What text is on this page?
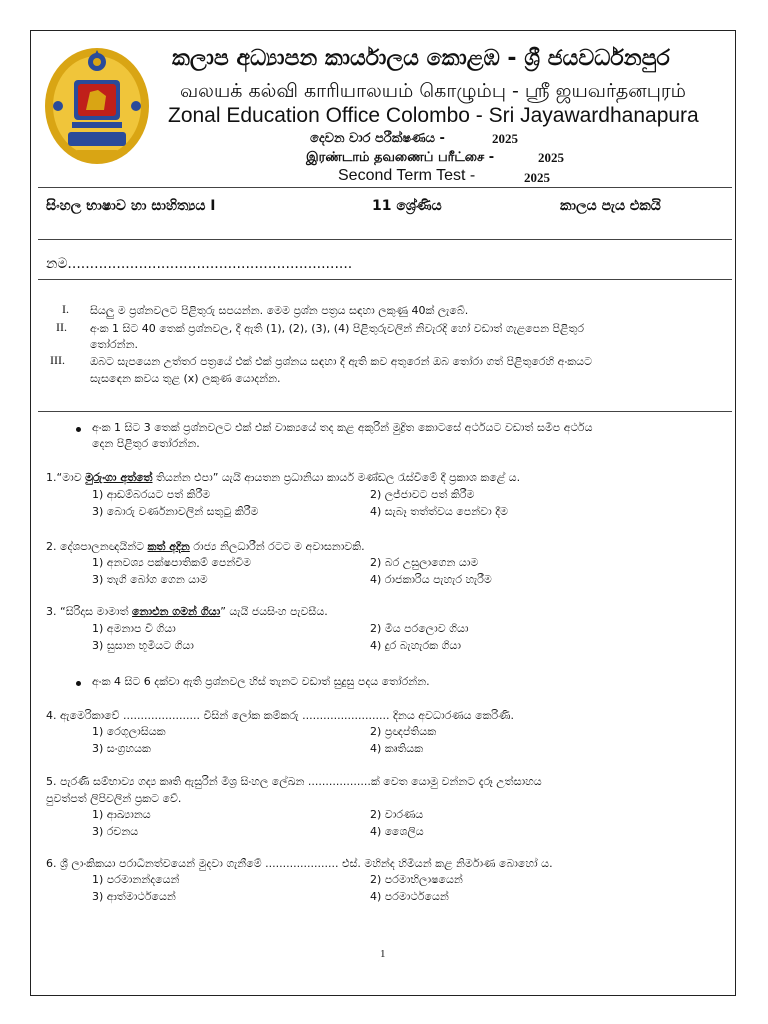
කලාප අධ්‍යාපන කාර්යාලය කොළඹ - ශ්‍රී ජයවර්ධනපුර
வலயக் கல்வி காரியாலயம் கொழும்பு - ஸ்ரீ ஜயவர்தனபுரம்
Zonal Education Office Colombo - Sri Jayawardhanapura
දෙවන වාර පරීක්ෂණය -	2025
இரண்டாம் தவணைப் பரீட்சை -	2025
Second Term Test -	2025
සිංහල භාෂාව හා සාහිත්‍යය I	11 ශ්‍රේණිය	කාලය පැය එකයි
නම................................................................
I. සියලු ම ප්‍රශ්නවලට පිළිතුරු සපයන්න. මෙම ප්‍රශ්න පත්‍රය සඳහා ලකුණු 40ක් ලැබේ.
II. අංක 1 සිට 40 තෙක් ප්‍රශ්නවල, දී ඇති (1), (2), (3), (4) පිළිතුරුවලින් නිවැරදි හෝ වඩාත් ගැළපෙන පිළිතුර
තෝරන්න.
III. ඔබට සැපයෙන උත්තර පත්‍රයේ එක් එක් ප්‍රශ්නය සඳහා දී ඇති කව අතුරෙන් ඔබ තෝරා ගත් පිළිතුරෙහි අංකයට
සැසඳෙන කවය තුළ (x) ලකුණ යොදන්න.
අංක 1 සිට 3 තෙක් ප්‍රශ්නවලට එක් එක් වාක්‍යයේ තද කළ අකුරින් මුද්‍රිත කොටසේ අර්ථයට වඩාත් සමීප අර්ථය
දෙන පිළිතුර තෝරන්න.
1.“මාව මුරුංගා අත්තේ තියන්න එපා” යැයි ආයතන ප්‍රධානියා කාර්ය මණ්ඩල රැස්වීමේ දී ප්‍රකාශ කළේ ය.
1) ආඩම්බරයට පත් කිරීම	2) ලජ්ජාවට පත් කිරීම
3) බොරු වර්ණනාවලින් සතුටු කිරීම	4) සැබෑ තත්ත්වය පෙන්වා දීම
2. දේශපාලනඥයින්ට කත් අදින රාජ්‍ය නිලධාරීන් රටට ම අවාසනාවකි.
1) අනවශ්‍ය පක්ෂපාතිකම් පෙන්වීම	2) බර උසුලාගෙන යාම
3) තැගි බෝග ගෙන යාම	4) රාජකාරිය පැහැර හැරීම
3. “සිරිදාස මාමාත් නොඑන ගමන් ගියා” යැයි ජයසිංහ පැවසීය.
1) අමනාප වී ගියා	2) මිය පරලොව ගියා
3) සුසාන භූමියට ගියා	4) දුර බැහැරක ගියා
අංක 4 සිට 6 දක්වා ඇති ප්‍රශ්නවල හිස් තැනට වඩාත් සුදුසු පදය තෝරන්න.
4. ඇමෙරිකාවේ ...................... විසින් ලෝක කම්කරු ......................... දිනය අවධාරණය කෙරිණි.
1) රෙගුලාසියක	2) ප්‍රඥප්තියක
3) සංග්‍රහයක	4) කෘතියක
5. පැරණි සම්භාව්‍ය ගද්‍ය කෘති ඇසුරින් මිශ්‍ර සිංහල ලේඛන ..................ක් වෙත යොමු වන්නට දැරූ උත්සාහය
පුවත්පත් ලිපිවලින් ප්‍රකට වේ.
1) ආඛ්‍යානය	2) වාරණය
3) රචනය	4) ශෛලිය
6. ශ්‍රී ලාංකිකයා පරාධීනත්වයෙන් මුදවා ගැනීමේ ..................... එස්. මහින්ද හිමියන් කළ නිර්මාණ බොහෝ ය.
1) පරමානන්දයෙන්	2) පරමාභිලාෂයෙන්
3) ආත්මාර්ථයෙන්	4) පරමාර්ථයෙන්
1
